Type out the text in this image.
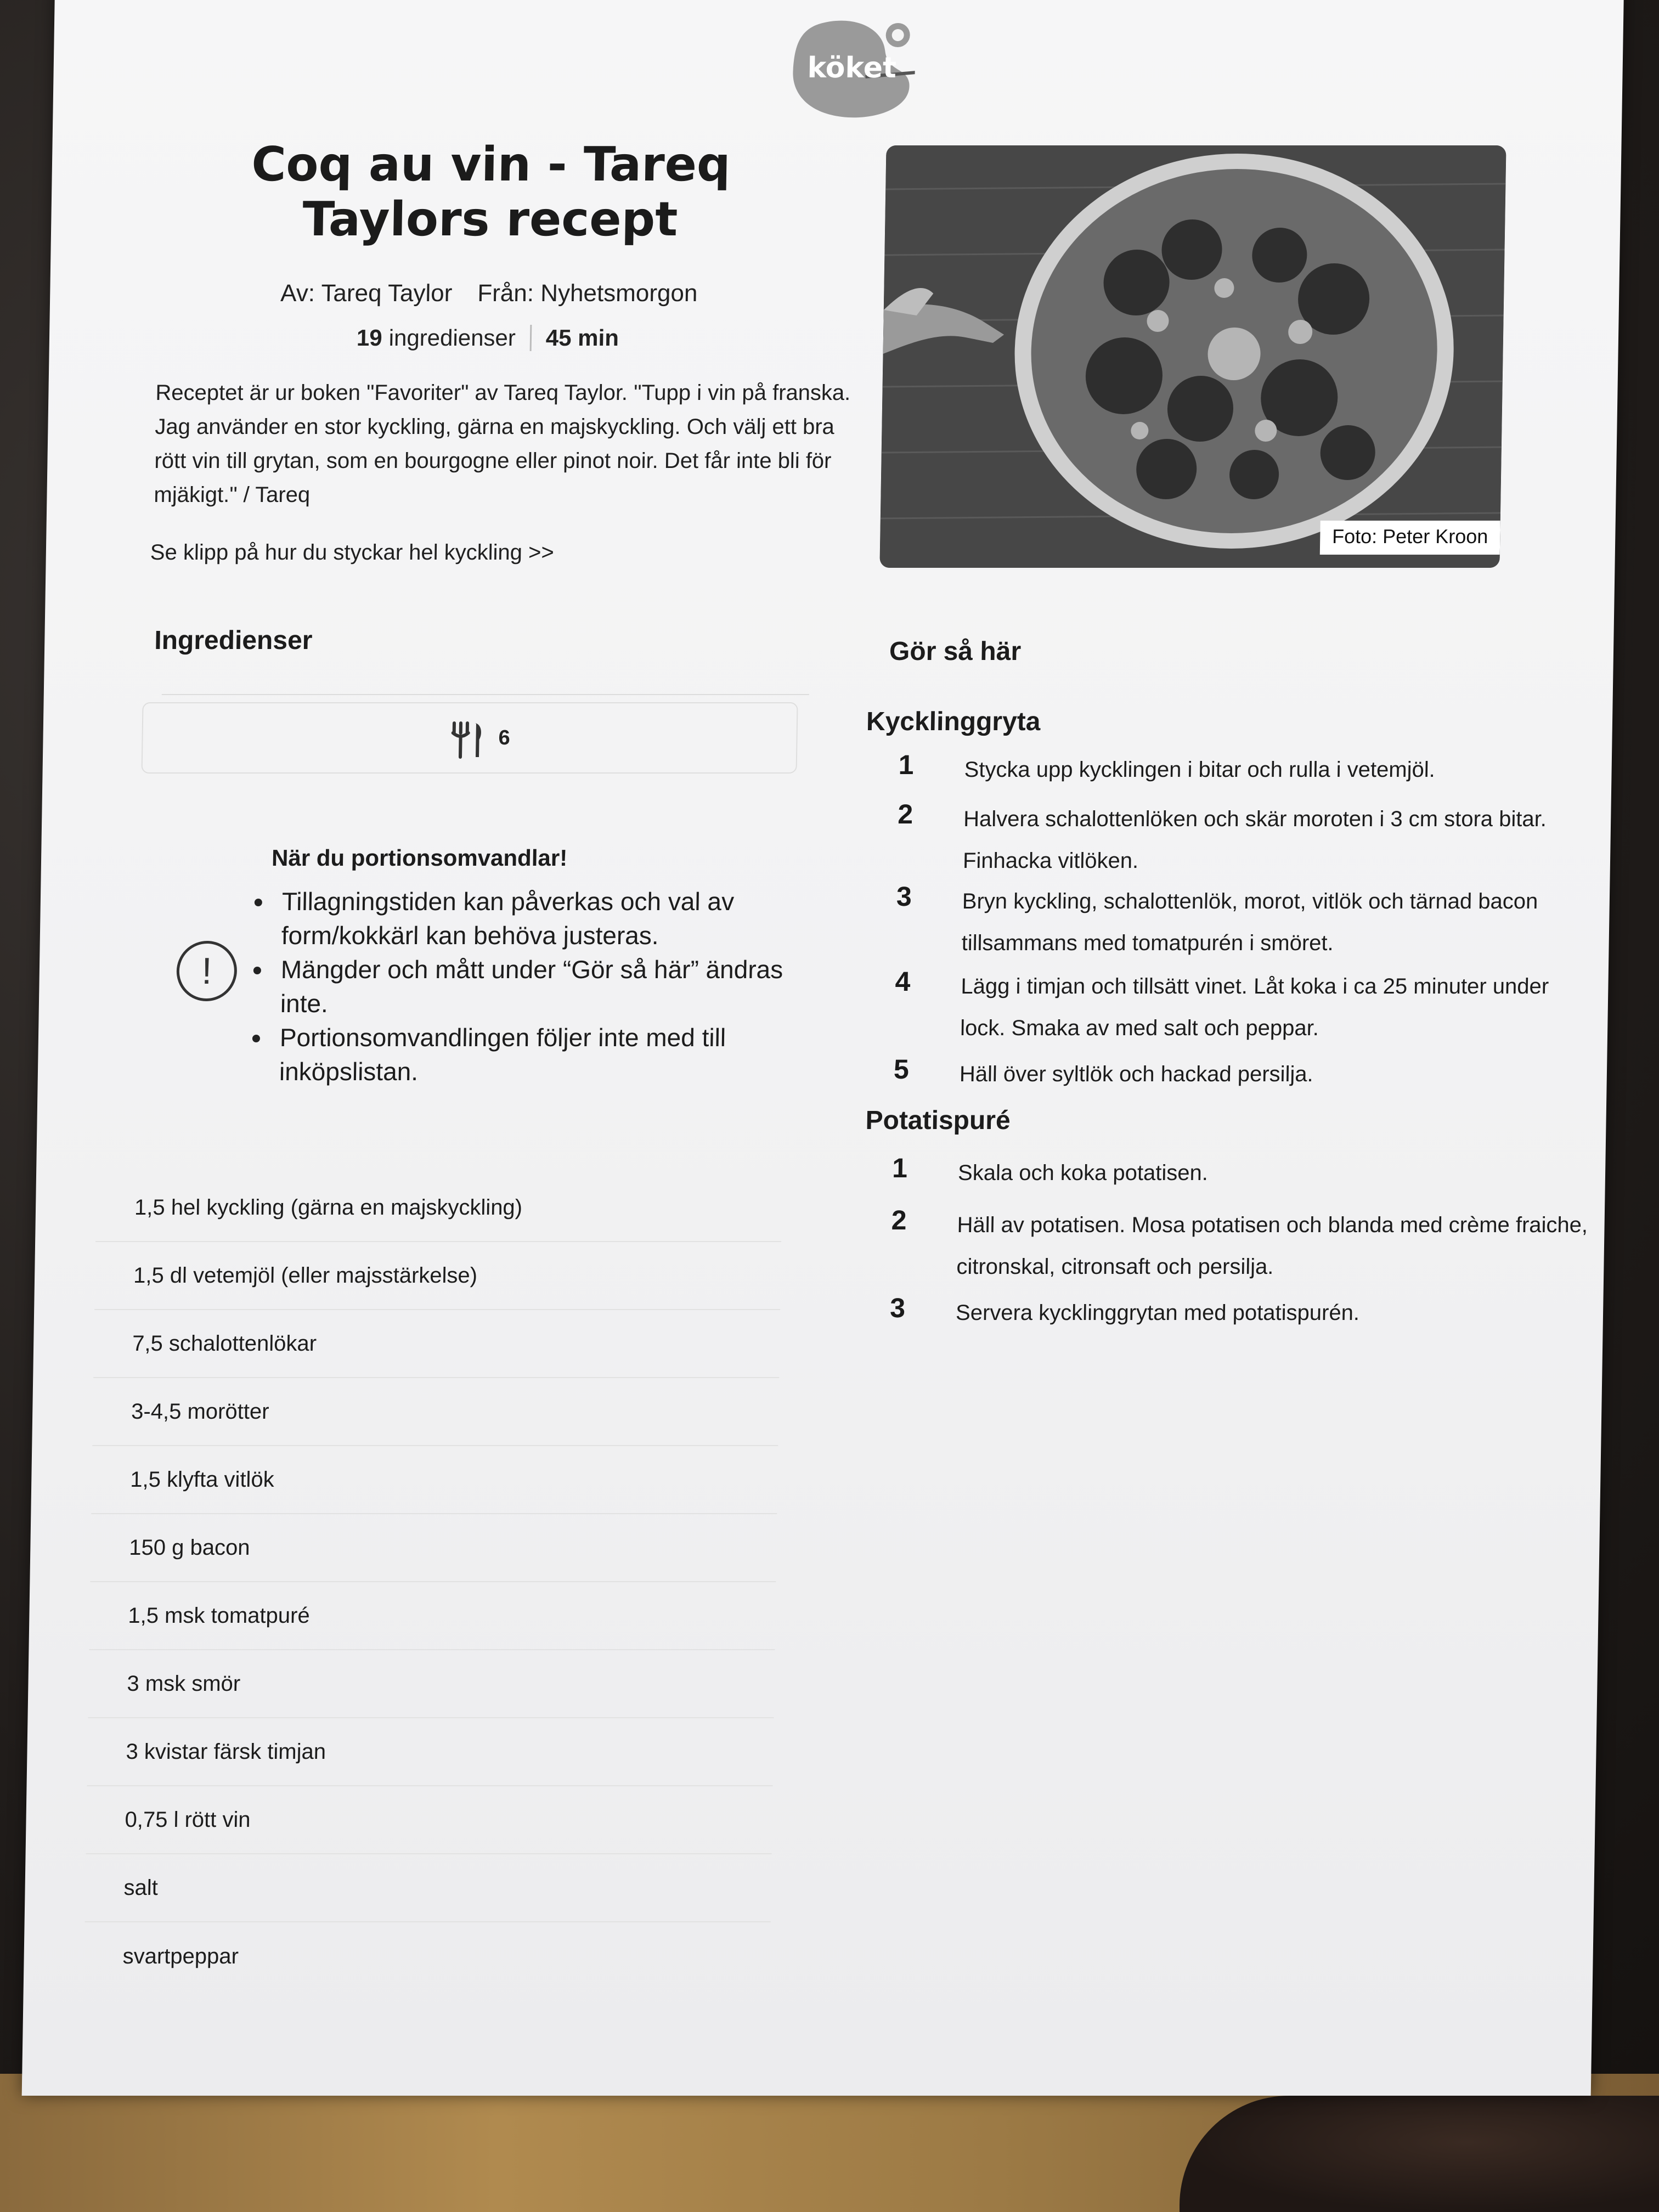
köket
Coq au vin - Tareq Taylors recept
Av: Tareq Taylor Från: Nyhetsmorgon
19 ingredienser 45 min

Receptet är ur boken "Favoriter" av Tareq Taylor. "Tupp i vin på franska. Jag använder en stor kyckling, gärna en majskyckling. Och välj ett bra rött vin till grytan, som en bourgogne eller pinot noir. Det får inte bli för mjäkigt." / Tareq

Se klipp på hur du styckar hel kyckling >>
Foto: Peter Kroon
Ingredienser
6
När du portionsomvandlar!
!
Tillagningstiden kan påverkas och val av form/kokkärl kan behöva justeras.
Mängder och mått under “Gör så här” ändras inte.
Portionsomvandlingen följer inte med till inköpslistan.
1,5 hel kyckling (gärna en majskyckling)
1,5 dl vetemjöl (eller majsstärkelse)
7,5 schalottenlökar
3-4,5 morötter
1,5 klyfta vitlök
150 g bacon
1,5 msk tomatpuré
3 msk smör
3 kvistar färsk timjan
0,75 l rött vin
salt
svartpeppar
Gör så här
Kycklinggryta
1	Stycka upp kycklingen i bitar och rulla i vetemjöl.
2	Halvera schalottenlöken och skär moroten i 3 cm stora bitar. Finhacka vitlöken.
3	Bryn kyckling, schalottenlök, morot, vitlök och tärnad bacon tillsammans med tomatpurén i smöret.
4	Lägg i timjan och tillsätt vinet. Låt koka i ca 25 minuter under lock. Smaka av med salt och peppar.
5	Häll över syltlök och hackad persilja.
Potatispuré
1	Skala och koka potatisen.
2	Häll av potatisen. Mosa potatisen och blanda med crème fraiche, citronskal, citronsaft och persilja.
3	Servera kycklinggrytan med potatispurén.
